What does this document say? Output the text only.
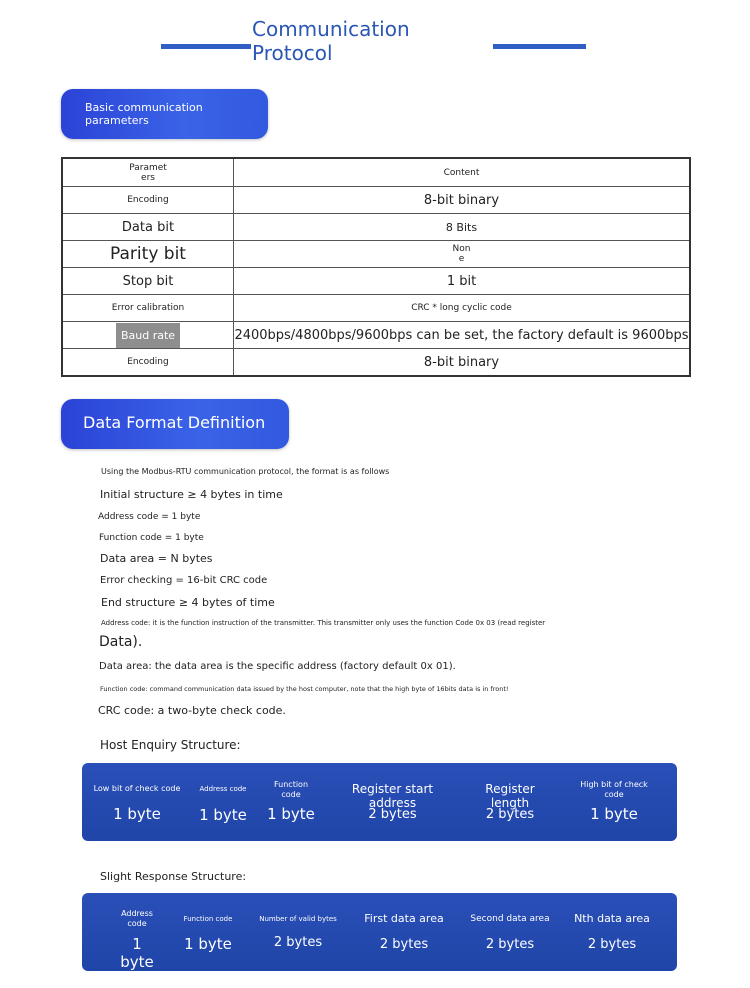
Communication Protocol
Basic communication parameters
Paramet ers	Content
Encoding	8-bit binary
Data bit	8 Bits
Parity bit	Non e
Stop bit	1 bit
Error calibration	CRC * long cyclic code
Baud rate	2400bps/4800bps/9600bps can be set, the factory default is 9600bps
Encoding	8-bit binary
Data Format Definition
Using the Modbus-RTU communication protocol, the format is as follows
Initial structure ≥ 4 bytes in time
Address code = 1 byte
Function code = 1 byte
Data area = N bytes
Error checking = 16-bit CRC code
End structure ≥ 4 bytes of time
Address code: it is the function instruction of the transmitter. This transmitter only uses the function Code 0x 03 (read register
Data).
Data area: the data area is the specific address (factory default 0x 01).
Function code: command communication data issued by the host computer, note that the high byte of 16bits data is in front!
CRC code: a two-byte check code.
Host Enquiry Structure:
Low bit of check code
1 byte
Address code
1 byte
Function code
1 byte
Register start address
2 bytes
Register length
2 bytes
High bit of check code
1 byte
Slight Response Structure:
Address code
1 byte
Function code
1 byte
Number of valid bytes
2 bytes
First data area
2 bytes
Second data area
2 bytes
Nth data area
2 bytes
